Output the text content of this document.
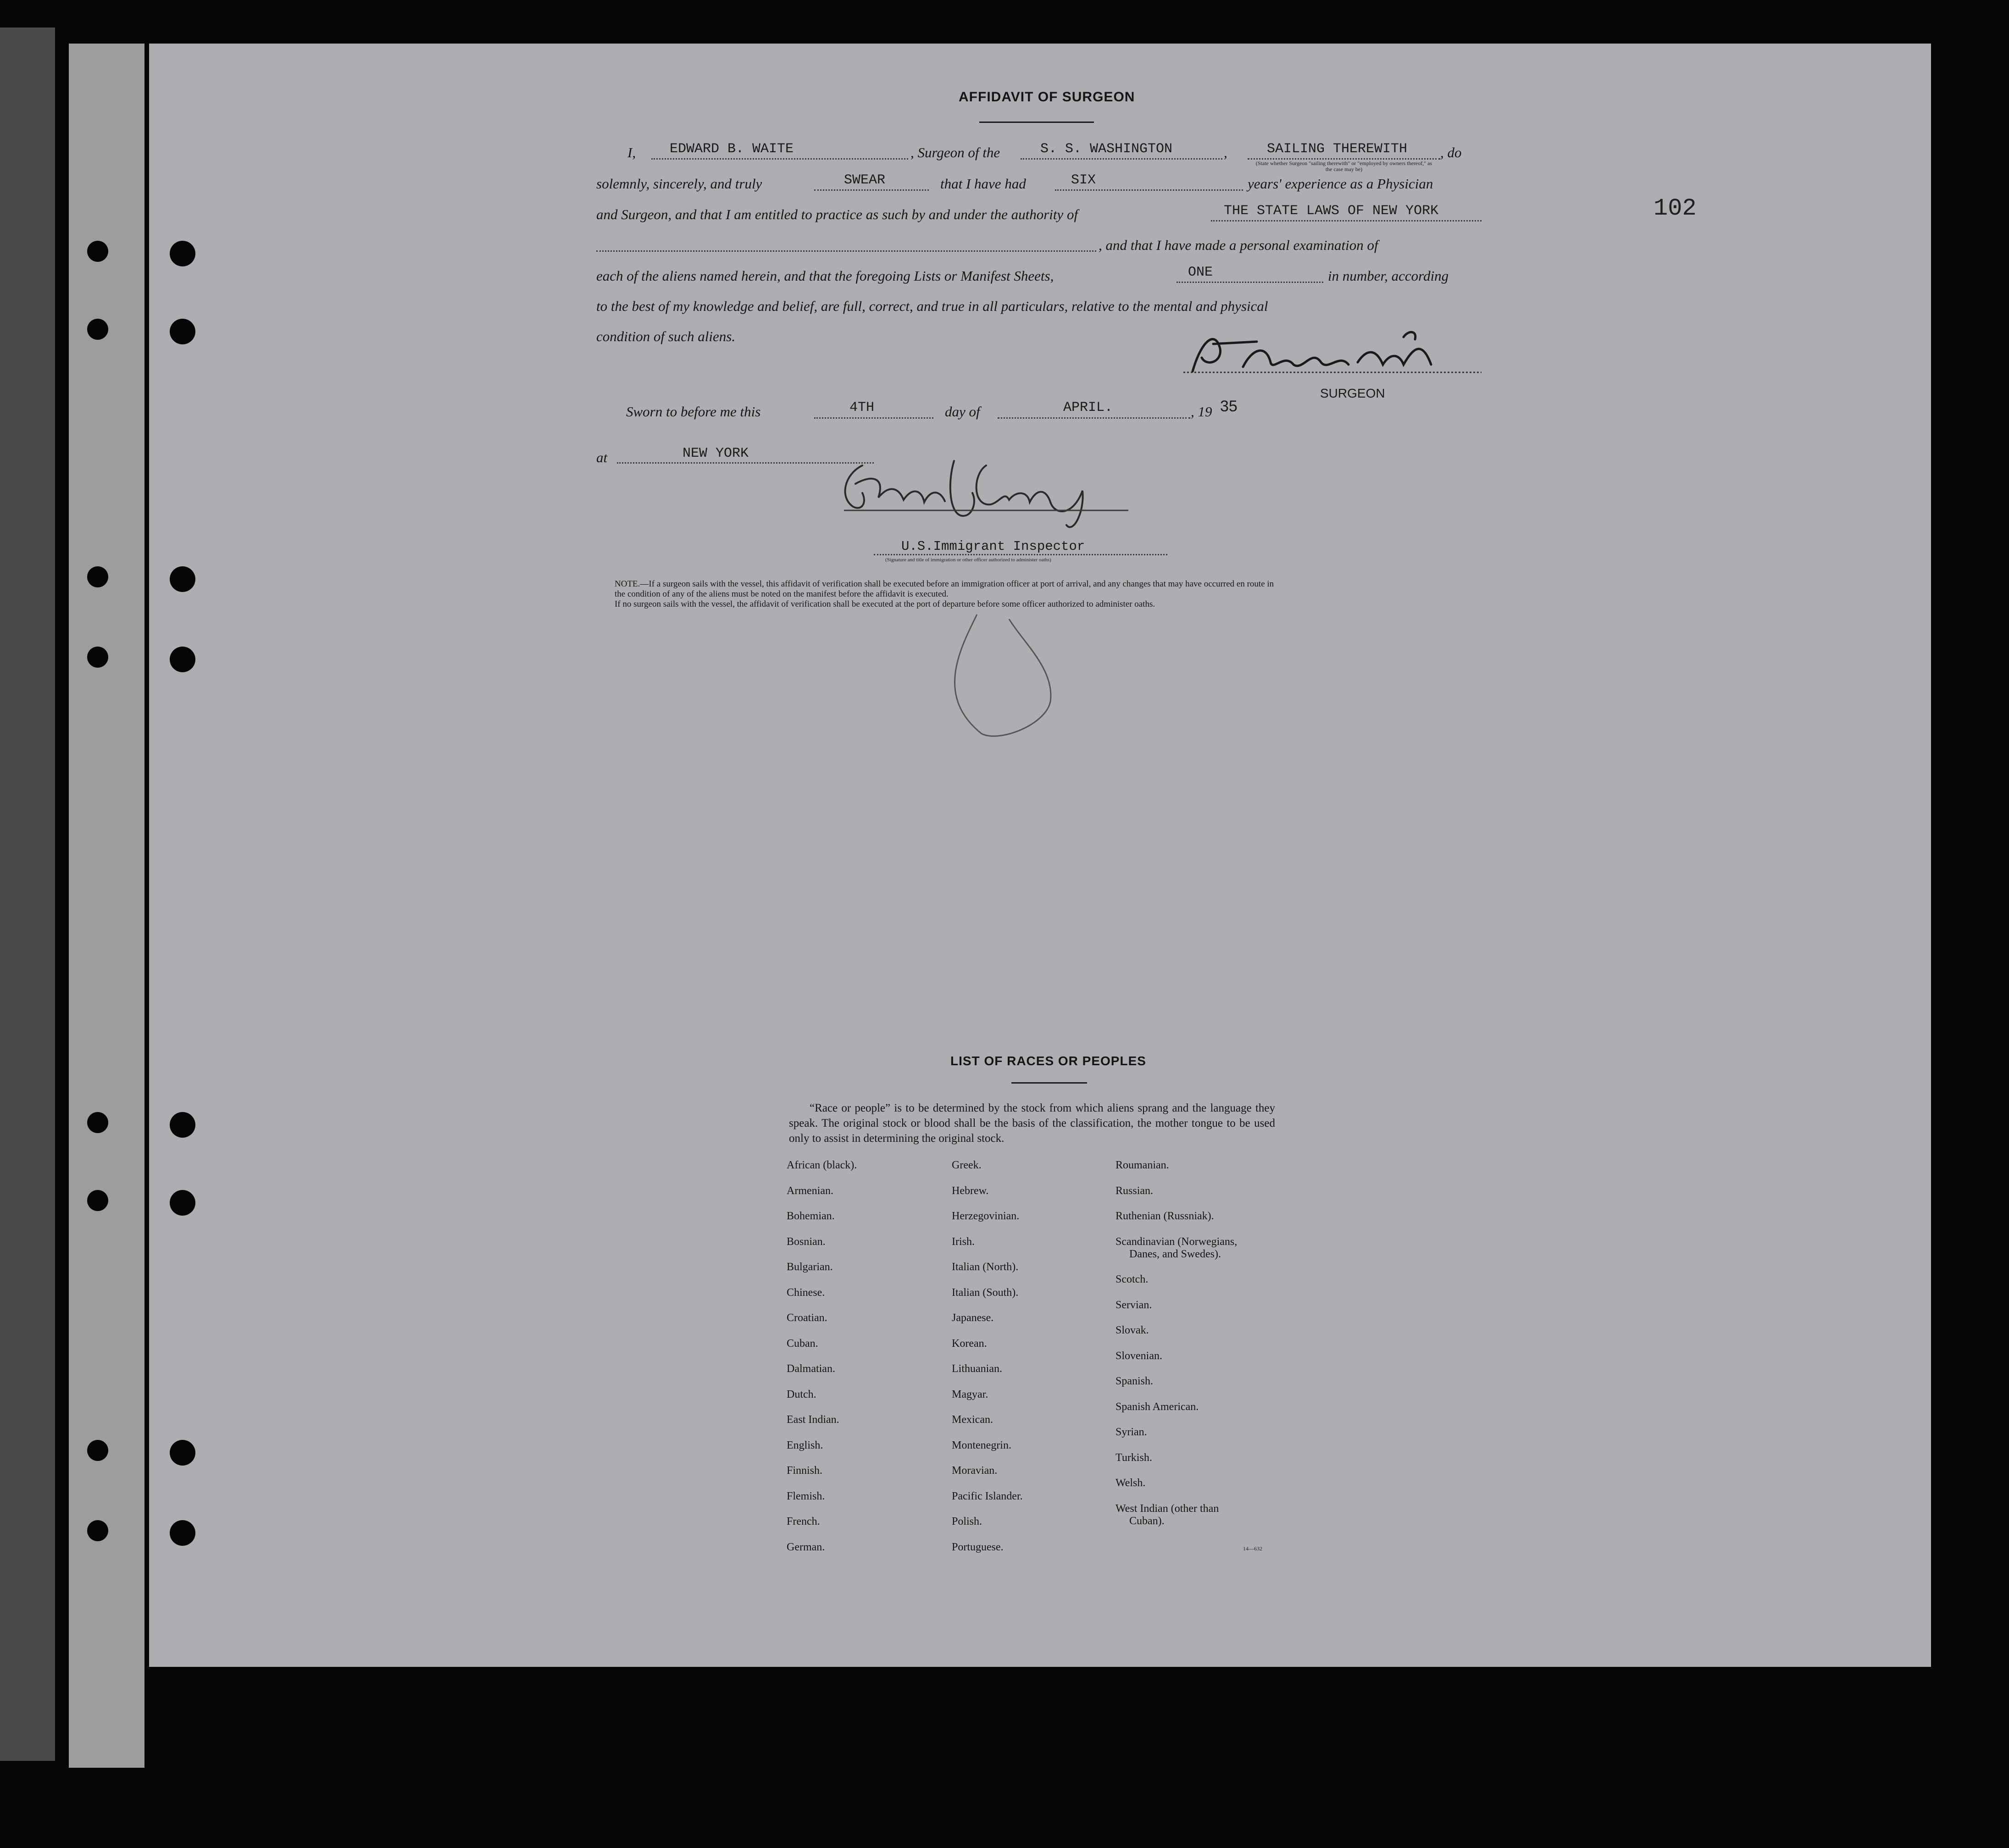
102
AFFIDAVIT OF SURGEON
I, EDWARD B. WAITE	, Surgeon of the	S. S. WASHINGTON	,	SAILING THEREWITH , do
(State whether Surgeon "sailing therewith" or "employed by owners thereof," as the case may be)
solemnly, sincerely, and truly	SWEAR	that I have had	SIX	years' experience as a Physician
and Surgeon, and that I am entitled to practice as such by and under the authority of	THE STATE LAWS OF NEW YORK
, and that I have made a personal examination of
each of the aliens named herein, and that the foregoing Lists or Manifest Sheets,	ONE	in number, according
to the best of my knowledge and belief, are full, correct, and true in all particulars, relative to the mental and physical
condition of such aliens.
SURGEON
Sworn to before me this	4TH	day of	APRIL.	, 19 35
at	NEW YORK
U.S.Immigrant Inspector
(Signature and title of immigration or other officer authorized to administer oaths)
NOTE.—If a surgeon sails with the vessel, this affidavit of verification shall be executed before an immigration officer at port of arrival, and any changes that may have occurred en route in
the condition of any of the aliens must be noted on the manifest before the affidavit is executed.
If no surgeon sails with the vessel, the affidavit of verification shall be executed at the port of departure before some officer authorized to administer oaths.
LIST OF RACES OR PEOPLES
“Race or people” is to be determined by the stock from which aliens sprang and the language they speak. The original stock or blood shall be the basis of the classification, the mother tongue to be used only to assist in determining the original stock.
African (black).
Armenian.
Bohemian.
Bosnian.
Bulgarian.
Chinese.
Croatian.
Cuban.
Dalmatian.
Dutch.
East Indian.
English.
Finnish.
Flemish.
French.
German.
Greek.
Hebrew.
Herzegovinian.
Irish.
Italian (North).
Italian (South).
Japanese.
Korean.
Lithuanian.
Magyar.
Mexican.
Montenegrin.
Moravian.
Pacific Islander.
Polish.
Portuguese.
Roumanian.
Russian.
Ruthenian (Russniak).
Scandinavian (Norwegians,
Danes, and Swedes).
Scotch.
Servian.
Slovak.
Slovenian.
Spanish.
Spanish American.
Syrian.
Turkish.
Welsh.
West Indian (other than
Cuban).
14—632
